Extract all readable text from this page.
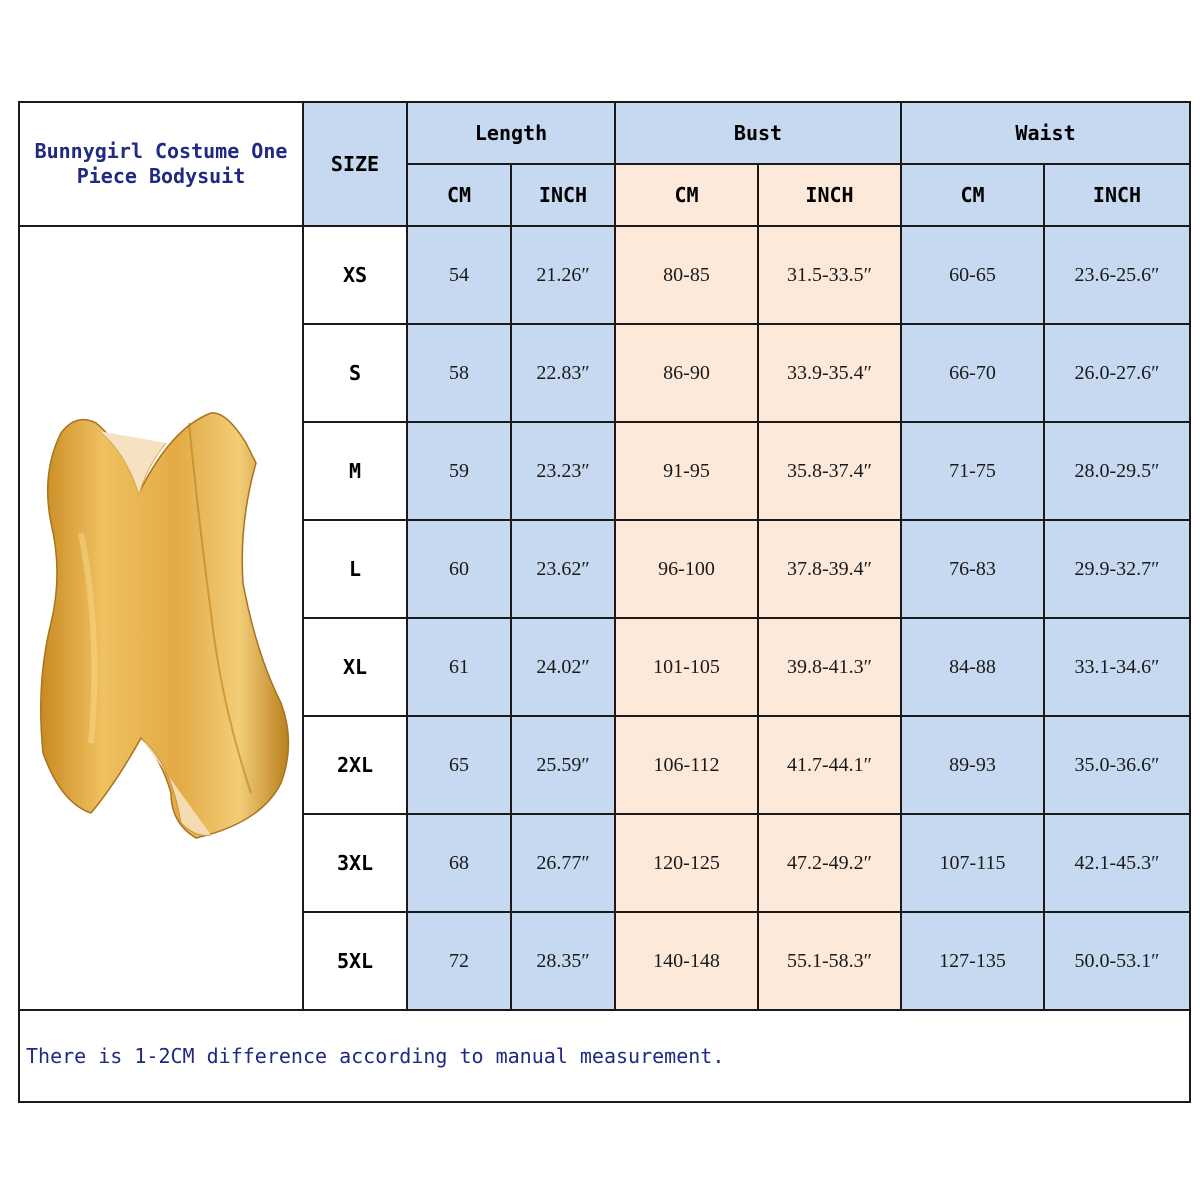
Bunnygirl Costume One Piece Bodysuit	SIZE	Length		Bust		Waist	
		CM	INCH	CM	INCH	CM	INCH

	XS	54	21.26″	80-85	31.5-33.5″	60-65	23.6-25.6″
	S	58	22.83″	86-90	33.9-35.4″	66-70	26.0-27.6″
	M	59	23.23″	91-95	35.8-37.4″	71-75	28.0-29.5″
	L	60	23.62″	96-100	37.8-39.4″	76-83	29.9-32.7″
	XL	61	24.02″	101-105	39.8-41.3″	84-88	33.1-34.6″
	2XL	65	25.59″	106-112	41.7-44.1″	89-93	35.0-36.6″
	3XL	68	26.77″	120-125	47.2-49.2″	107-115	42.1-45.3″
	5XL	72	28.35″	140-148	55.1-58.3″	127-135	50.0-53.1″
There is 1-2CM difference according to manual measurement.							
